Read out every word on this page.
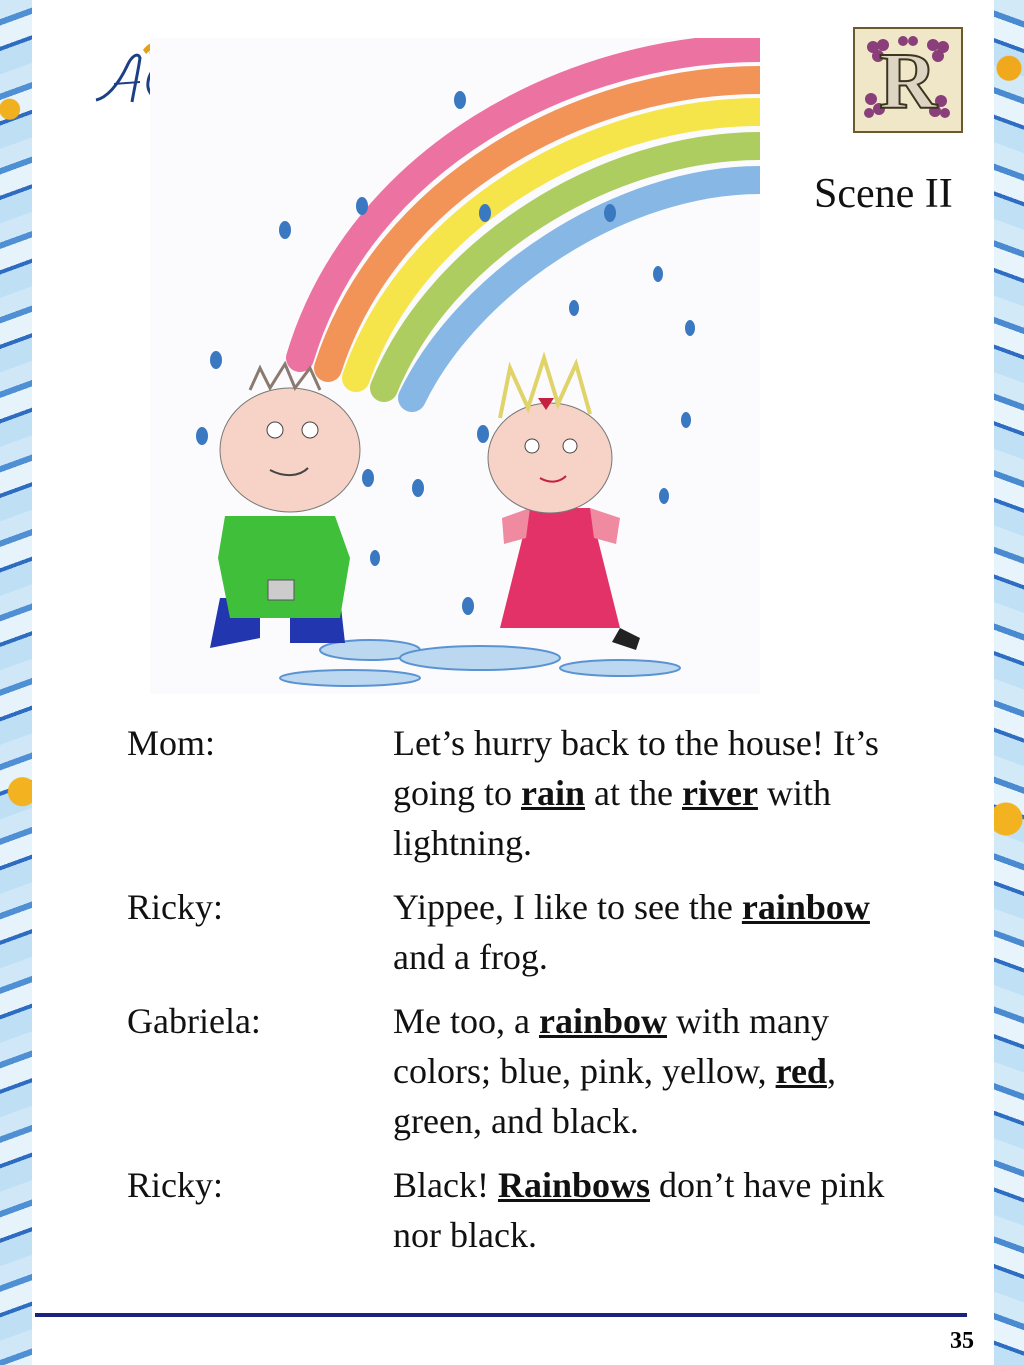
R
Scene II
Mom:	Let’s hurry back to the house! It’s going to rain at the river with lightning.
Ricky:	Yippee, I like to see the rainbow and a frog.
Gabriela:	Me too, a rainbow with many colors; blue, pink, yellow, red, green, and black.
Ricky:	Black! Rainbows don’t have pink nor black.
35
